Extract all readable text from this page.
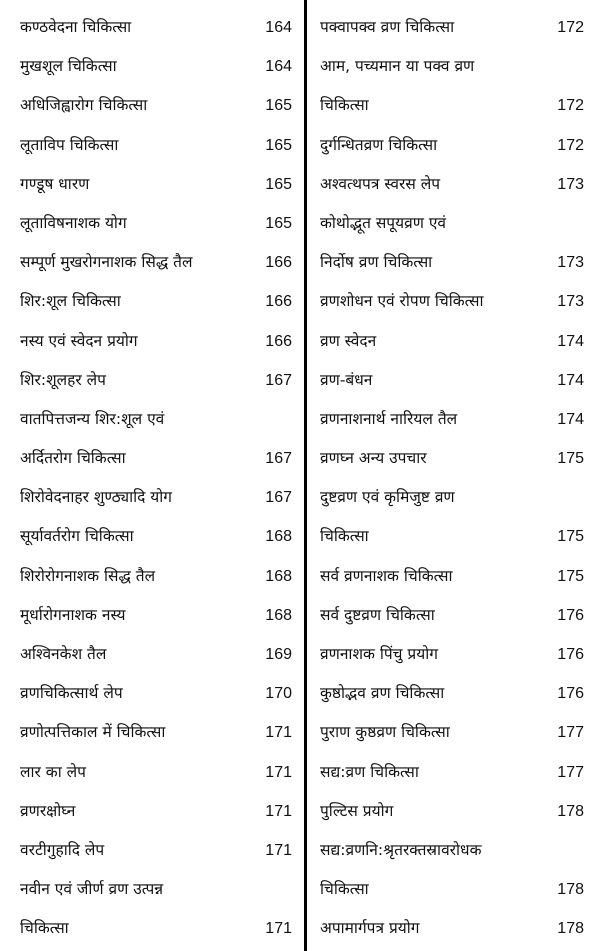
कण्ठवेदना चिकित्सा	164
मुखशूल चिकित्सा	164
अधिजिह्वारोग चिकित्सा	165
लूताविप चिकित्सा	165
गण्डूष धारण	165
लूताविषनाशक योग	165
सम्पूर्ण मुखरोगनाशक सिद्ध तैल	166
शिर:शूल चिकित्सा	166
नस्य एवं स्वेदन प्रयोग	166
शिर:शूलहर लेप	167
वातपित्तजन्य शिर:शूल एवं
अर्दितरोग चिकित्सा	167
शिरोवेदनाहर शुण्ठ्यादि योग	167
सूर्यावर्तरोग चिकित्सा	168
शिरोरोगनाशक सिद्ध तैल	168
मूर्धारोगनाशक नस्य	168
अश्विनकेश तैल	169
व्रणचिकित्सार्थ लेप	170
व्रणोत्पत्तिकाल में चिकित्सा	171
लार का लेप	171
व्रणरक्षोघ्न	171
वरटीगुहादि लेप	171
नवीन एवं जीर्ण व्रण उत्पन्न
चिकित्सा	171
पक्वापक्व व्रण चिकित्सा	172
आम, पच्यमान या पक्व व्रण
चिकित्सा	172
दुर्गन्धितव्रण चिकित्सा	172
अश्वत्थपत्र स्वरस लेप	173
कोथोद्भूत सपूयव्रण एवं
निर्दोष व्रण चिकित्सा	173
व्रणशोधन एवं रोपण चिकित्सा	173
व्रण स्वेदन	174
व्रण-बंधन	174
व्रणनाशनार्थ नारियल तैल	174
व्रणघ्न अन्य उपचार	175
दुष्टव्रण एवं कृमिजुष्ट व्रण
चिकित्सा	175
सर्व व्रणनाशक चिकित्सा	175
सर्व दुष्टव्रण चिकित्सा	176
व्रणनाशक पिंचु प्रयोग	176
कुष्ठोद्भव व्रण चिकित्सा	176
पुराण कुष्ठव्रण चिकित्सा	177
सद्य:व्रण चिकित्सा	177
पुल्टिस प्रयोग	178
सद्य:व्रणनि:श्रृतरक्तस्रावरोधक
चिकित्सा	178
अपामार्गपत्र प्रयोग	178
